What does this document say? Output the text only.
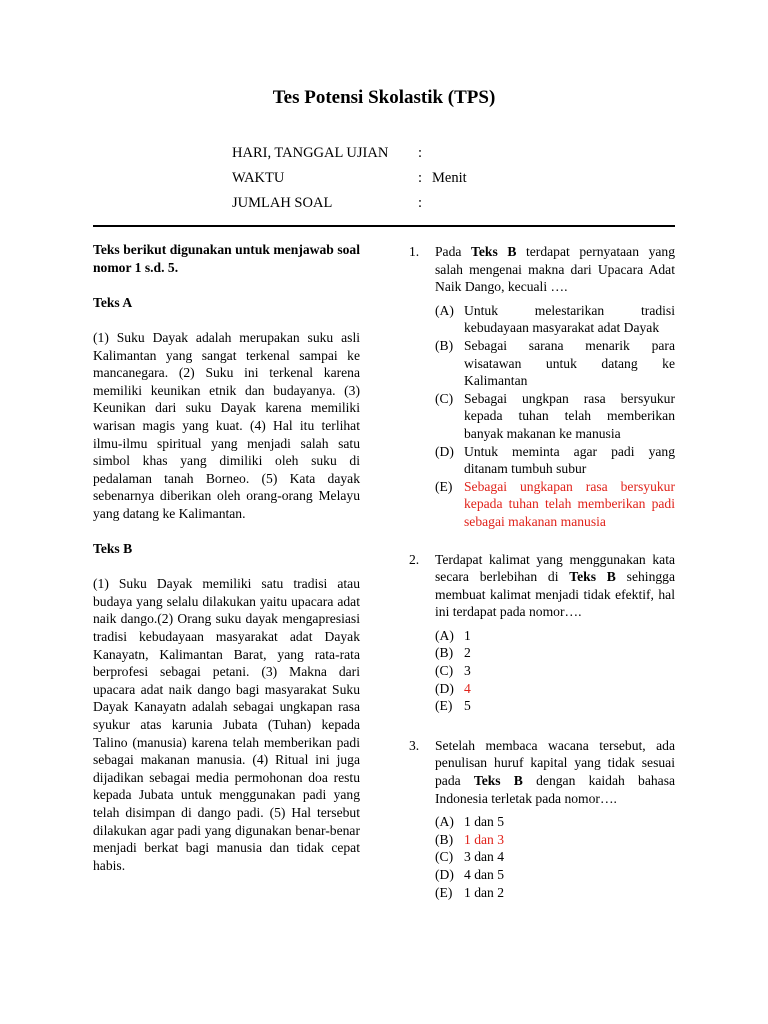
Tes Potensi Skolastik (TPS)
HARI, TANGGAL UJIAN :
WAKTU	: Menit
JUMLAH SOAL	:

Teks berikut digunakan untuk menjawab soal nomor 1 s.d. 5.

Teks A

(1) Suku Dayak adalah merupakan suku asli Kalimantan yang sangat terkenal sampai ke mancanegara. (2) Suku ini terkenal karena memiliki keunikan etnik dan budayanya. (3) Keunikan dari suku Dayak karena memiliki warisan magis yang kuat. (4) Hal itu terlihat ilmu-ilmu spiritual yang menjadi salah satu simbol khas yang dimiliki oleh suku di pedalaman tanah Borneo. (5) Kata dayak sebenarnya diberikan oleh orang-orang Melayu yang datang ke Kalimantan.

Teks B

(1) Suku Dayak memiliki satu tradisi atau budaya yang selalu dilakukan yaitu upacara adat naik dango.(2) Orang suku dayak mengapresiasi tradisi kebudayaan masyarakat adat Dayak Kanayatn, Kalimantan Barat, yang rata-rata berprofesi sebagai petani. (3) Makna dari upacara adat naik dango bagi masyarakat Suku Dayak Kanayatn adalah sebagai ungkapan rasa syukur atas karunia Jubata (Tuhan) kepada Talino (manusia) karena telah memberikan padi sebagai makanan manusia. (4) Ritual ini juga dijadikan sebagai media permohonan doa restu kepada Jubata untuk menggunakan padi yang telah disimpan di dango padi. (5) Hal tersebut dilakukan agar padi yang digunakan benar-benar menjadi berkat bagi manusia dan tidak cepat habis.

1. Pada Teks B terdapat pernyataan yang salah mengenai makna dari Upacara Adat Naik Dango, kecuali ….

(A) Untuk melestarikan tradisi kebudayaan masyarakat adat Dayak
(B) Sebagai sarana menarik para wisatawan untuk datang ke Kalimantan
(C) Sebagai ungkpan rasa bersyukur kepada tuhan telah memberikan banyak makanan ke manusia
(D) Untuk meminta agar padi yang ditanam tumbuh subur
(E) Sebagai ungkapan rasa bersyukur kepada tuhan telah memberikan padi sebagai makanan manusia
2. Terdapat kalimat yang menggunakan kata secara berlebihan di Teks B sehingga membuat kalimat menjadi tidak efektif, hal ini terdapat pada nomor….

(A) 1
(B) 2
(C) 3
(D) 4
(E) 5
3. Setelah membaca wacana tersebut, ada penulisan huruf kapital yang tidak sesuai pada Teks B dengan kaidah bahasa Indonesia terletak pada nomor….

(A) 1 dan 5
(B) 1 dan 3
(C) 3 dan 4
(D) 4 dan 5
(E) 1 dan 2
